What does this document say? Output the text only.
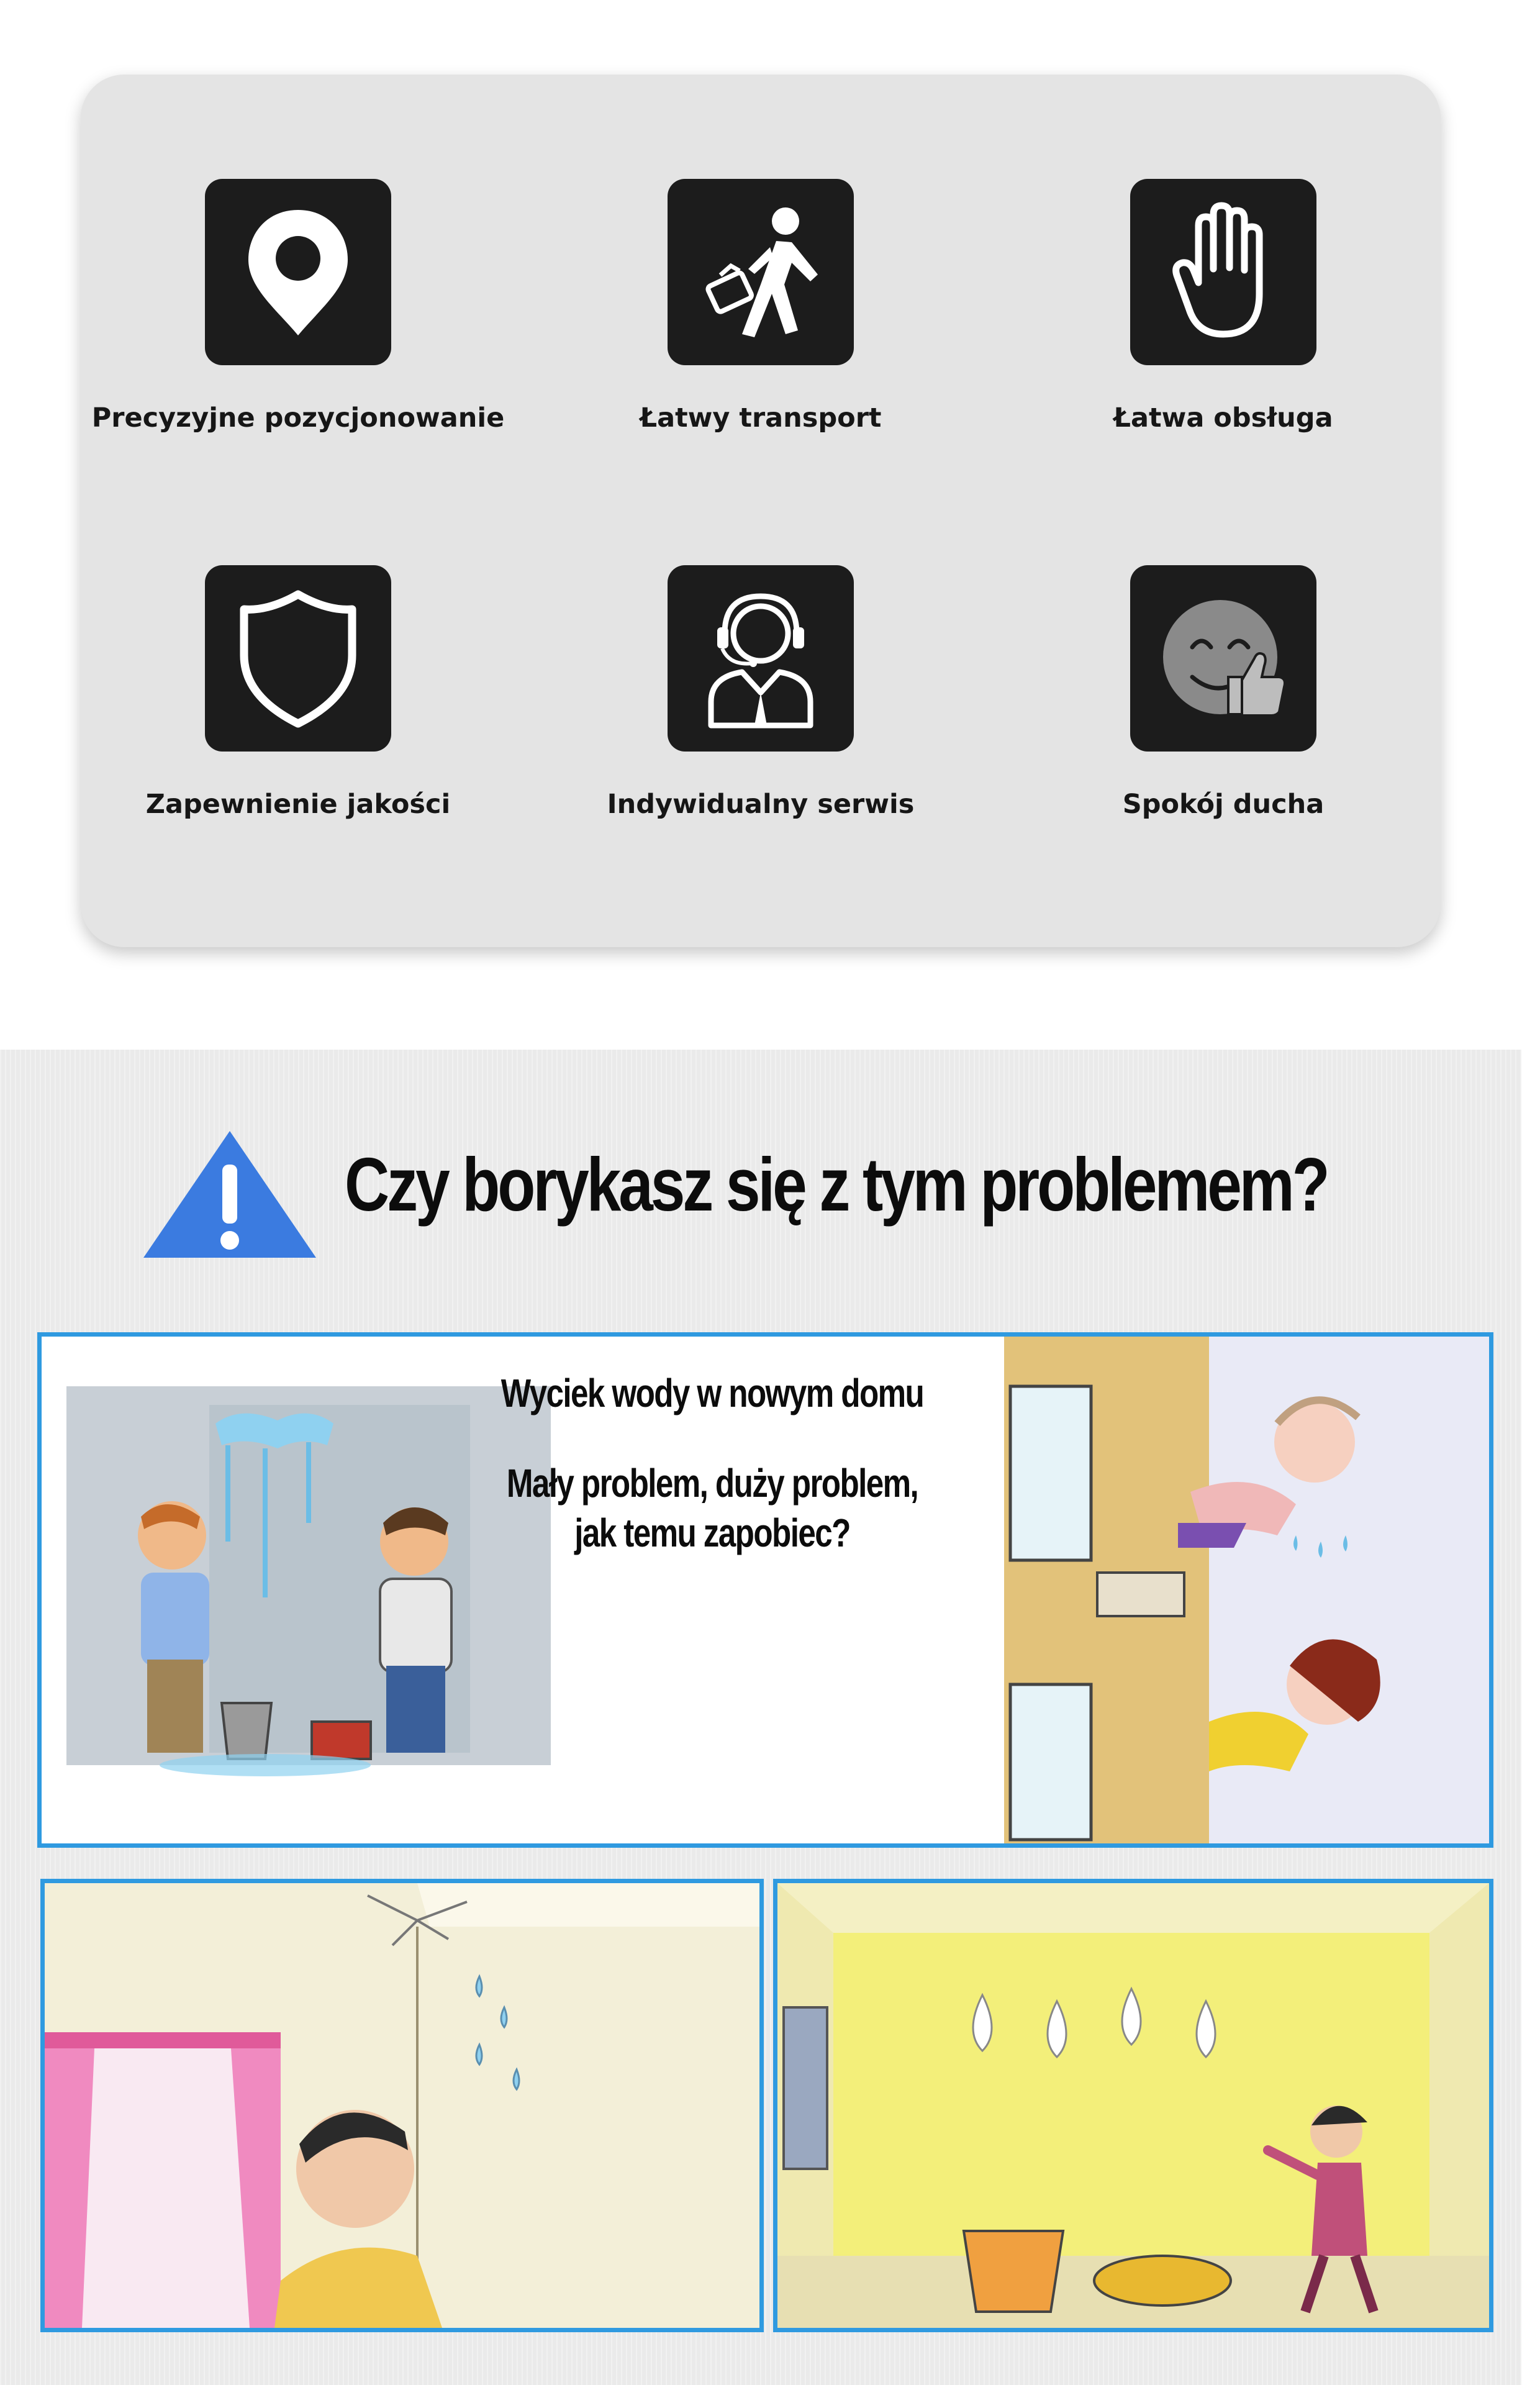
Precyzyjne pozycjonowanie	Łatwy transport	Łatwa obsługa
Zapewnienie jakości	Indywidualny serwis	Spokój ducha
Czy borykasz się z tym problemem?
Wyciek wody w nowym domu
Mały problem, duży problem,
jak temu zapobiec?
